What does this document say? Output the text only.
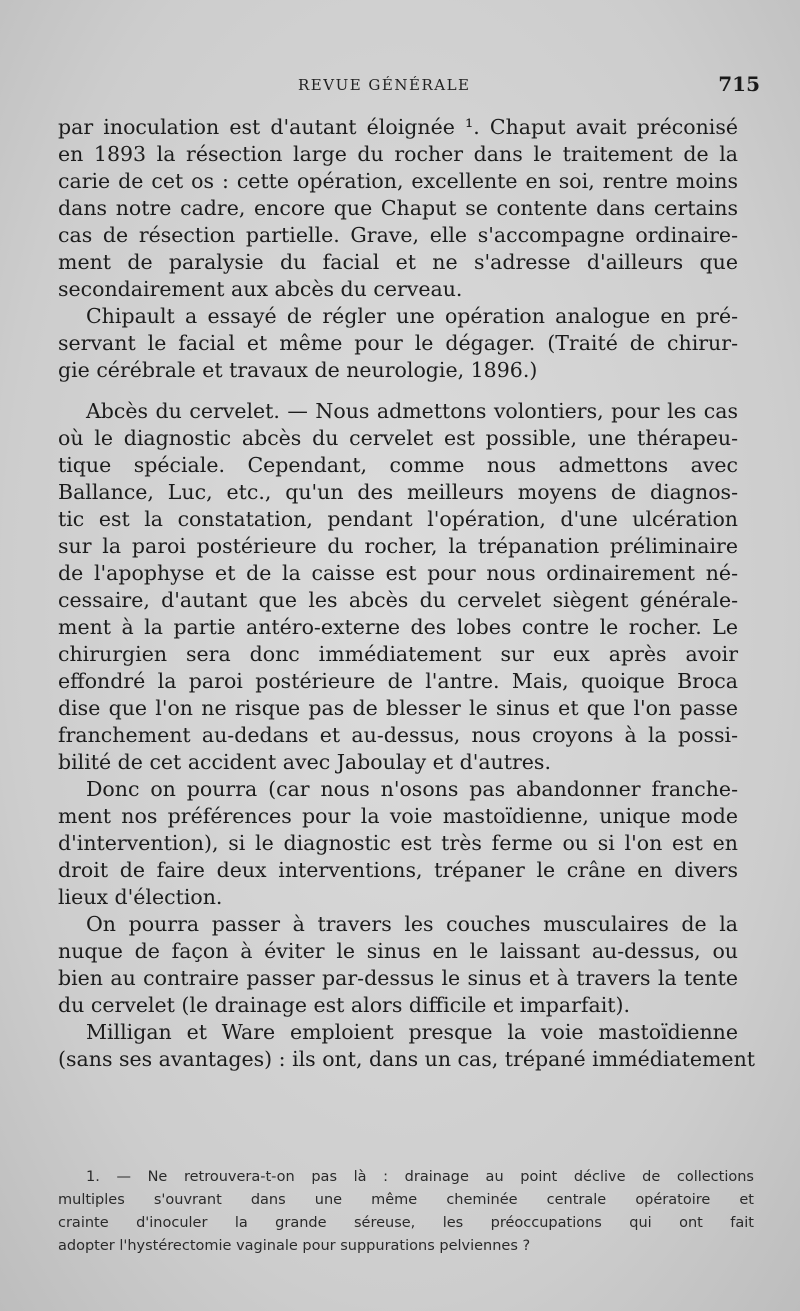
REVUE GÉNÉRALE	715
par inoculation est d'autant éloignée ¹. Chaput avait préconisé
en 1893 la résection large du rocher dans le traitement de la
carie de cet os : cette opération, excellente en soi, rentre moins
dans notre cadre, encore que Chaput se contente dans certains
cas de résection partielle. Grave, elle s'accompagne ordinaire-
ment de paralysie du facial et ne s'adresse d'ailleurs que
secondairement aux abcès du cerveau.
Chipault a essayé de régler une opération analogue en pré-
servant le facial et même pour le dégager. (Traité de chirur-
gie cérébrale et travaux de neurologie, 1896.)
Abcès du cervelet. — Nous admettons volontiers, pour les cas
où le diagnostic abcès du cervelet est possible, une thérapeu-
tique spéciale. Cependant, comme nous admettons avec
Ballance, Luc, etc., qu'un des meilleurs moyens de diagnos-
tic est la constatation, pendant l'opération, d'une ulcération
sur la paroi postérieure du rocher, la trépanation préliminaire
de l'apophyse et de la caisse est pour nous ordinairement né-
cessaire, d'autant que les abcès du cervelet siègent générale-
ment à la partie antéro-externe des lobes contre le rocher. Le
chirurgien sera donc immédiatement sur eux après avoir
effondré la paroi postérieure de l'antre. Mais, quoique Broca
dise que l'on ne risque pas de blesser le sinus et que l'on passe
franchement au-dedans et au-dessus, nous croyons à la possi-
bilité de cet accident avec Jaboulay et d'autres.
Donc on pourra (car nous n'osons pas abandonner franche-
ment nos préférences pour la voie mastoïdienne, unique mode
d'intervention), si le diagnostic est très ferme ou si l'on est en
droit de faire deux interventions, trépaner le crâne en divers
lieux d'élection.
On pourra passer à travers les couches musculaires de la
nuque de façon à éviter le sinus en le laissant au-dessus, ou
bien au contraire passer par-dessus le sinus et à travers la tente
du cervelet (le drainage est alors difficile et imparfait).
Milligan et Ware emploient presque la voie mastoïdienne
(sans ses avantages) : ils ont, dans un cas, trépané immédiatement
1. — Ne retrouvera-t-on pas là : drainage au point déclive de collections
multiples s'ouvrant dans une même cheminée centrale opératoire et
crainte d'inoculer la grande séreuse, les préoccupations qui ont fait
adopter l'hystérectomie vaginale pour suppurations pelviennes ?
